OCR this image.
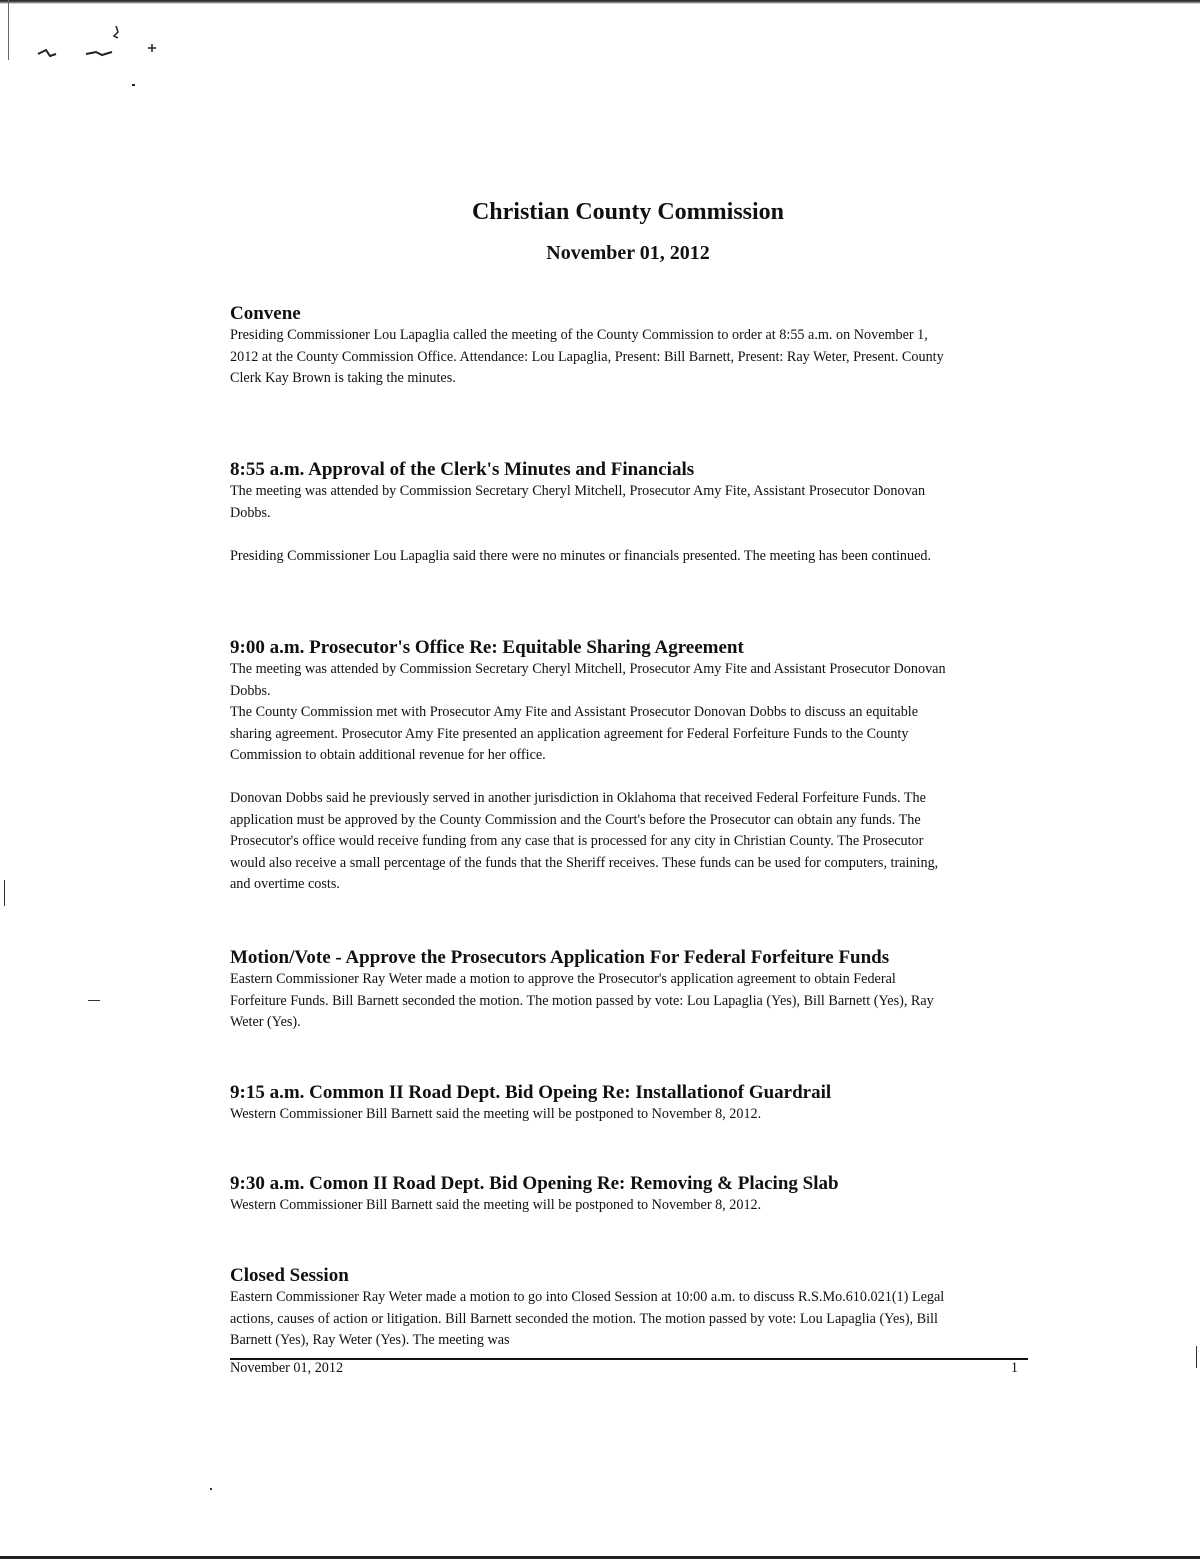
Christian County Commission
November 01, 2012
Convene

Presiding Commissioner Lou Lapaglia called the meeting of the County Commission to order at 8:55 a.m. on November 1, 2012 at the County Commission Office. Attendance: Lou Lapaglia, Present: Bill Barnett, Present: Ray Weter, Present. County Clerk Kay Brown is taking the minutes.

8:55 a.m. Approval of the Clerk's Minutes and Financials

The meeting was attended by Commission Secretary Cheryl Mitchell, Prosecutor Amy Fite, Assistant Prosecutor Donovan Dobbs.

Presiding Commissioner Lou Lapaglia said there were no minutes or financials presented. The meeting has been continued.

9:00 a.m. Prosecutor's Office Re: Equitable Sharing Agreement

The meeting was attended by Commission Secretary Cheryl Mitchell, Prosecutor Amy Fite and Assistant Prosecutor Donovan Dobbs.

The County Commission met with Prosecutor Amy Fite and Assistant Prosecutor Donovan Dobbs to discuss an equitable sharing agreement. Prosecutor Amy Fite presented an application agreement for Federal Forfeiture Funds to the County Commission to obtain additional revenue for her office.

Donovan Dobbs said he previously served in another jurisdiction in Oklahoma that received Federal Forfeiture Funds. The application must be approved by the County Commission and the Court's before the Prosecutor can obtain any funds. The Prosecutor's office would receive funding from any case that is processed for any city in Christian County. The Prosecutor would also receive a small percentage of the funds that the Sheriff receives. These funds can be used for computers, training, and overtime costs.

Motion/Vote - Approve the Prosecutors Application For Federal Forfeiture Funds

Eastern Commissioner Ray Weter made a motion to approve the Prosecutor's application agreement to obtain Federal Forfeiture Funds. Bill Barnett seconded the motion. The motion passed by vote: Lou Lapaglia (Yes), Bill Barnett (Yes), Ray Weter (Yes).

9:15 a.m. Common II Road Dept. Bid Opeing Re: Installationof Guardrail

Western Commissioner Bill Barnett said the meeting will be postponed to November 8, 2012.

9:30 a.m. Comon II Road Dept. Bid Opening Re: Removing & Placing Slab

Western Commissioner Bill Barnett said the meeting will be postponed to November 8, 2012.

Closed Session

Eastern Commissioner Ray Weter made a motion to go into Closed Session at 10:00 a.m. to discuss R.S.Mo.610.021(1) Legal actions, causes of action or litigation. Bill Barnett seconded the motion. The motion passed by vote: Lou Lapaglia (Yes), Bill Barnett (Yes), Ray Weter (Yes). The meeting was

November 01, 2012	1
